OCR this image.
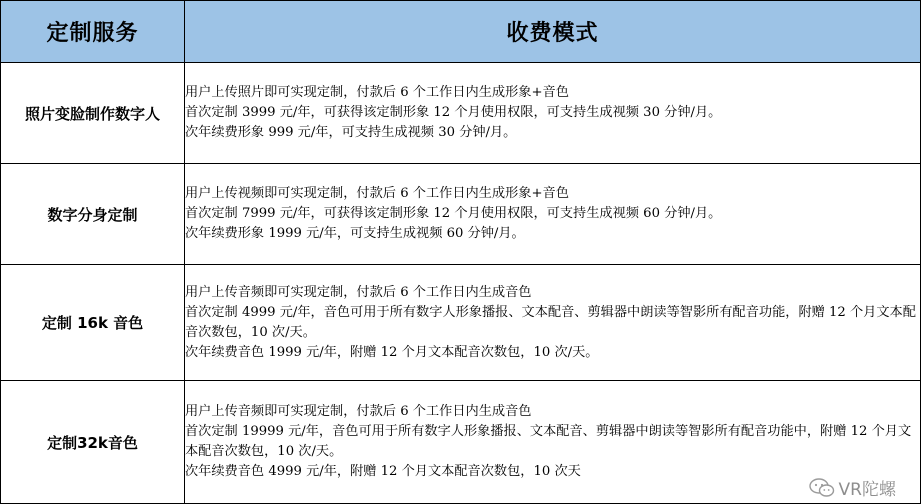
定制服务	收费模式
照片变脸制作数字人	用户上传照片即可实现定制，付款后 6 个工作日内生成形象+音色
首次定制 3999 元/年，可获得该定制形象 12 个月使用权限，可支持生成视频 30 分钟/月。
次年续费形象 999 元/年，可支持生成视频 30 分钟/月。

数字分身定制	用户上传视频即可实现定制，付款后 6 个工作日内生成形象+音色
首次定制 7999 元/年，可获得该定制形象 12 个月使用权限，可支持生成视频 60 分钟/月。
次年续费形象 1999 元/年，可支持生成视频 60 分钟/月。

定制 16k 音色	用户上传音频即可实现定制，付款后 6 个工作日内生成音色
首次定制 4999 元/年，音色可用于所有数字人形象播报、文本配音、剪辑器中朗读等智影所有配音功能，附赠 12 个月文本配音次数包，10 次/天。
次年续费音色 1999 元/年，附赠 12 个月文本配音次数包，10 次/天。

定制32k音色	用户上传音频即可实现定制，付款后 6 个工作日内生成音色
首次定制 19999 元/年，音色可用于所有数字人形象播报、文本配音、剪辑器中朗读等智影所有配音功能中，附赠 12 个月文本配音次数包，10 次/天。
次年续费音色 4999 元/年，附赠 12 个月文本配音次数包，10 次天
VR陀螺
